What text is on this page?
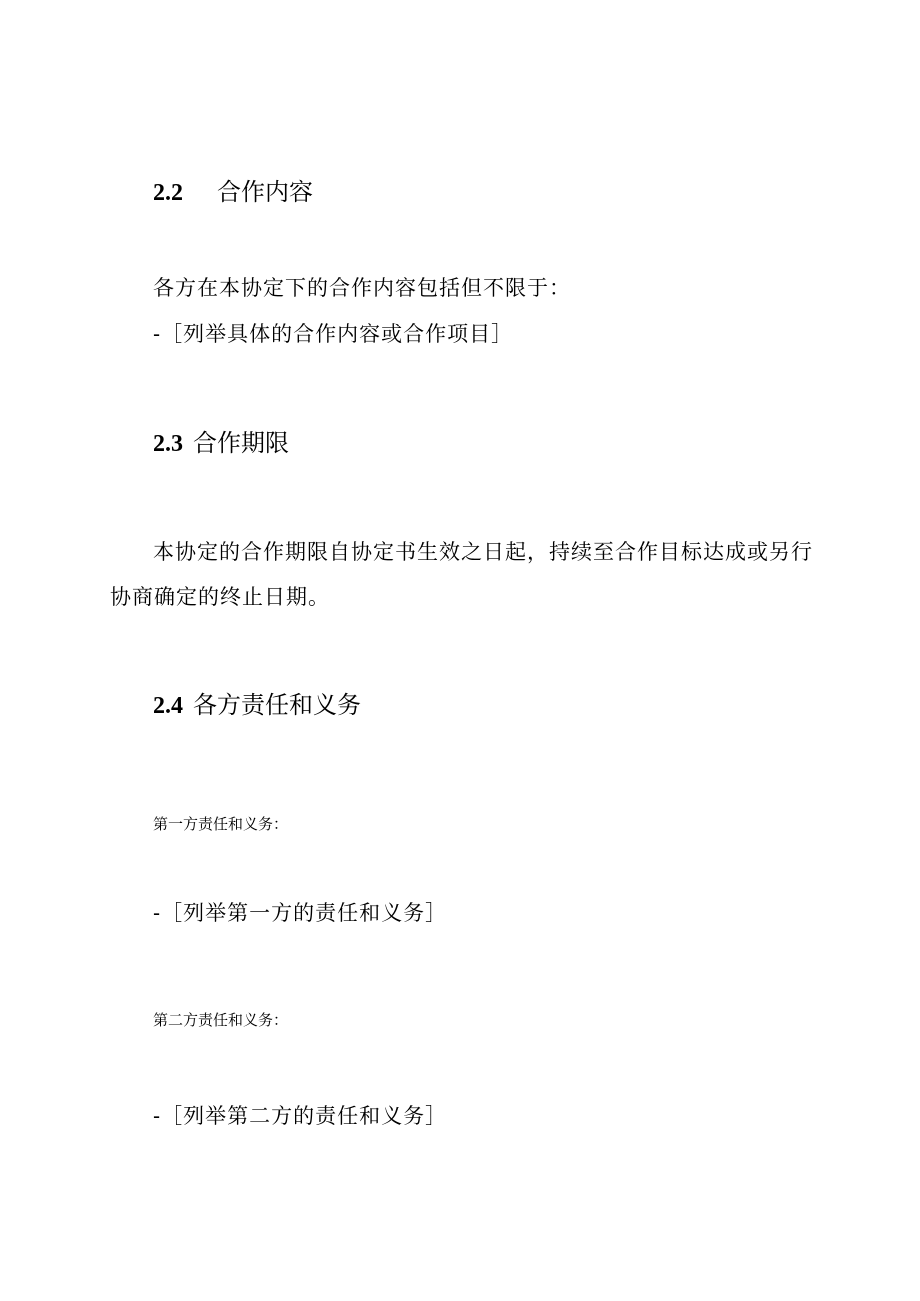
2.2 合作内容
各方在本协定下的合作内容包括但不限于：
-［列举具体的合作内容或合作项目］
2.3 合作期限
本协定的合作期限自协定书生效之日起，持续至合作目标达成或另行
协商确定的终止日期。
2.4 各方责任和义务
第一方责任和义务：
-［列举第一方的责任和义务］
第二方责任和义务：
-［列举第二方的责任和义务］
